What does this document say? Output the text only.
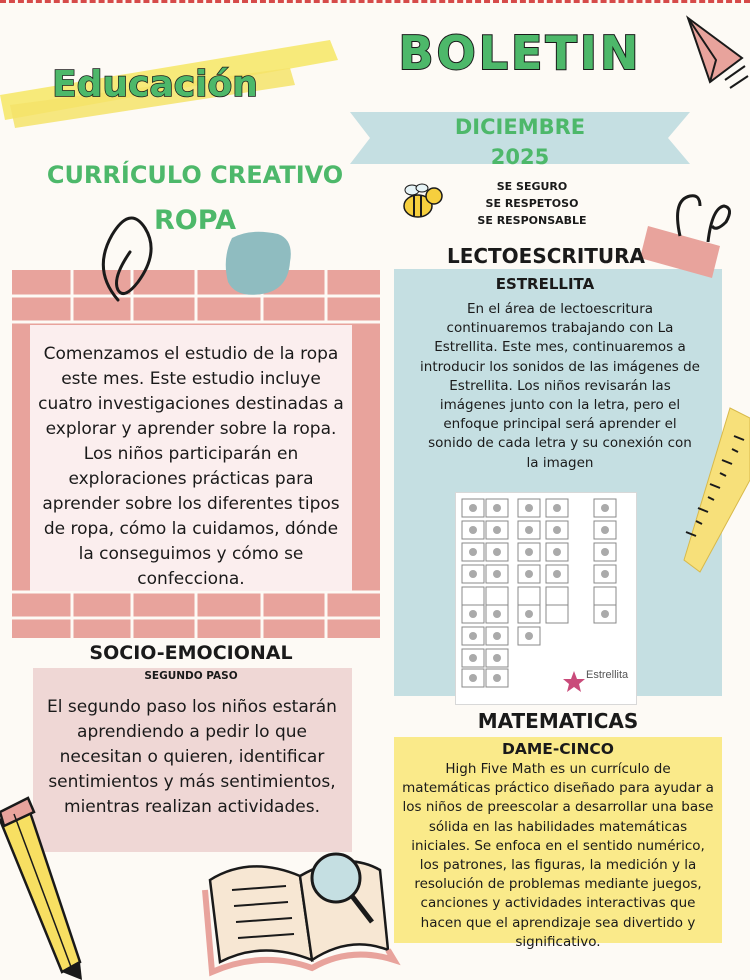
BOLETIN
Educación
DICIEMBRE
2025
SE SEGURO
SE RESPETOSO
SE RESPONSABLE
CURRÍCULO CREATIVO
ROPA
Comenzamos el estudio de la ropa este mes. Este estudio incluye cuatro investigaciones destinadas a explorar y aprender sobre la ropa. Los niños participarán en exploraciones prácticas para aprender sobre los diferentes tipos de ropa, cómo la cuidamos, dónde la conseguimos y cómo se confecciona.
SOCIO-EMOCIONAL
SEGUNDO PASO
El segundo paso los niños estarán aprendiendo a pedir lo que necesitan o quieren, identificar sentimientos y más sentimientos, mientras realizan actividades.
LECTOESCRITURA
ESTRELLITA
En el área de lectoescritura continuaremos trabajando con La Estrellita. Este mes, continuaremos a introducir los sonidos de las imágenes de Estrellita. Los niños revisarán las imágenes junto con la letra, pero el enfoque principal será aprender el sonido de cada letra y su conexión con la imagen
Estrellita
MATEMATICAS
DAME-CINCO
High Five Math es un currículo de matemáticas práctico diseñado para ayudar a los niños de preescolar a desarrollar una base sólida en las habilidades matemáticas iniciales. Se enfoca en el sentido numérico, los patrones, las figuras, la medición y la resolución de problemas mediante juegos, canciones y actividades interactivas que hacen que el aprendizaje sea divertido y significativo.
